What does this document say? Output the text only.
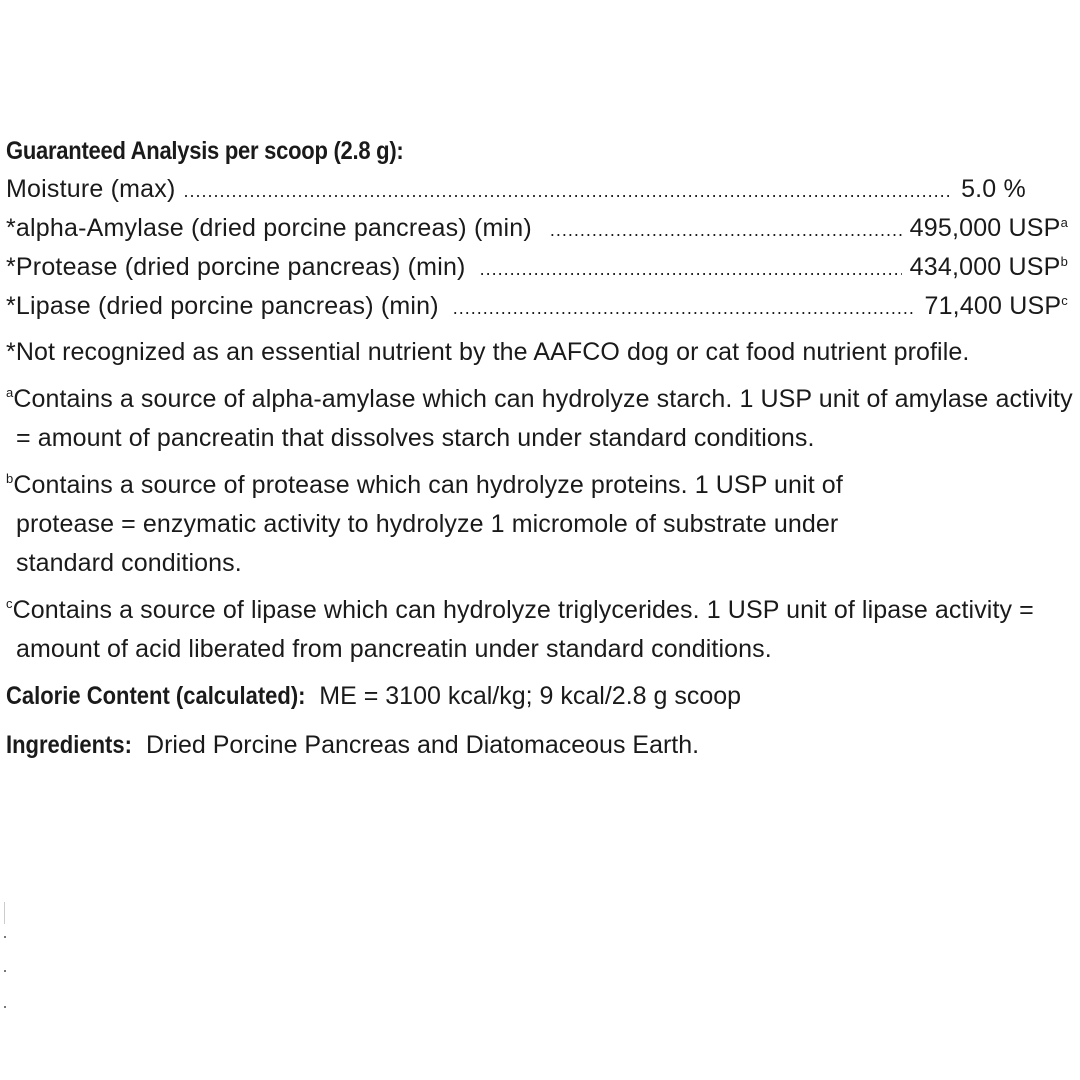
Guaranteed Analysis per scoop (2.8 g):
Moisture (max) .....	5.0 %
*alpha-Amylase (dried porcine pancreas) (min) .....	495,000 USP$^a$
*Protease (dried porcine pancreas) (min) .....	434,000 USP$^b$
*Lipase (dried porcine pancreas) (min) .....	71,400 USP$^c$
*Not recognized as an essential nutrient by the AAFCO dog or cat food nutrient profile.
$^a$Contains a source of alpha-amylase which can hydrolyze starch. 1 USP unit of amylase activity = amount of pancreatin that dissolves starch under standard conditions.
$^b$Contains a source of protease which can hydrolyze proteins. 1 USP unit of protease = enzymatic activity to hydrolyze 1 micromole of substrate under standard conditions.
$^c$Contains a source of lipase which can hydrolyze triglycerides. 1 USP unit of lipase activity = amount of acid liberated from pancreatin under standard conditions.
Calorie Content (calculated): ME = 3100 kcal/kg; 9 kcal/2.8 g scoop
Ingredients: Dried Porcine Pancreas and Diatomaceous Earth.
